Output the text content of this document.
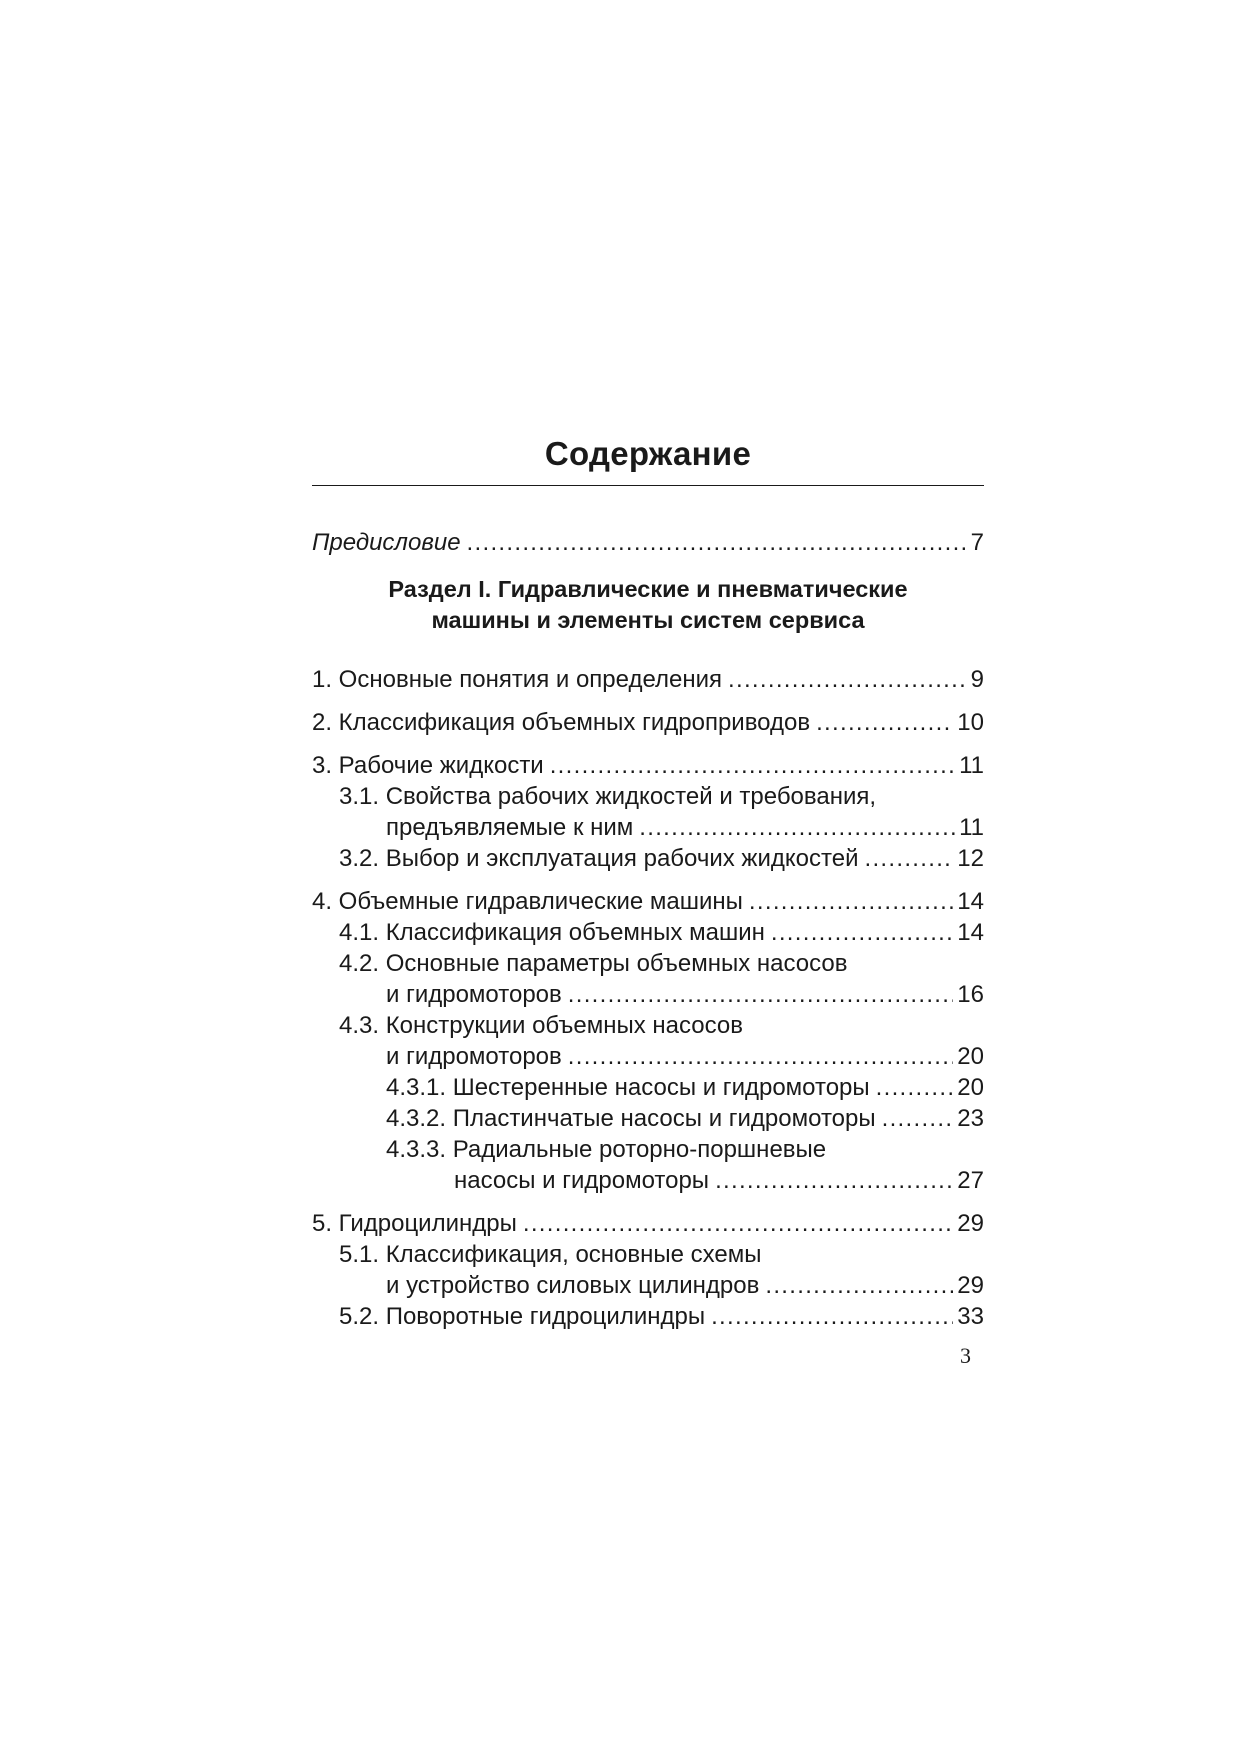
Содержание
Предисловие .....	7
Раздел I. Гидравлические и пневматические
машины и элементы систем сервиса
1. Основные понятия и определения .....	9
2. Классификация объемных гидроприводов .....	10
3. Рабочие жидкости .....	11
3.1. Свойства рабочих жидкостей и требования,
предъявляемые к ним .....	11
3.2. Выбор и эксплуатация рабочих жидкостей .....	12
4. Объемные гидравлические машины .....	14
4.1. Классификация объемных машин .....	14
4.2. Основные параметры объемных насосов
и гидромоторов .....	16
4.3. Конструкции объемных насосов
и гидромоторов .....	20
4.3.1. Шестеренные насосы и гидромоторы .....	20
4.3.2. Пластинчатые насосы и гидромоторы .....	23
4.3.3. Радиальные роторно-поршневые
насосы и гидромоторы .....	27
5. Гидроцилиндры .....	29
5.1. Классификация, основные схемы
и устройство силовых цилиндров .....	29
5.2. Поворотные гидроцилиндры .....	33
3
